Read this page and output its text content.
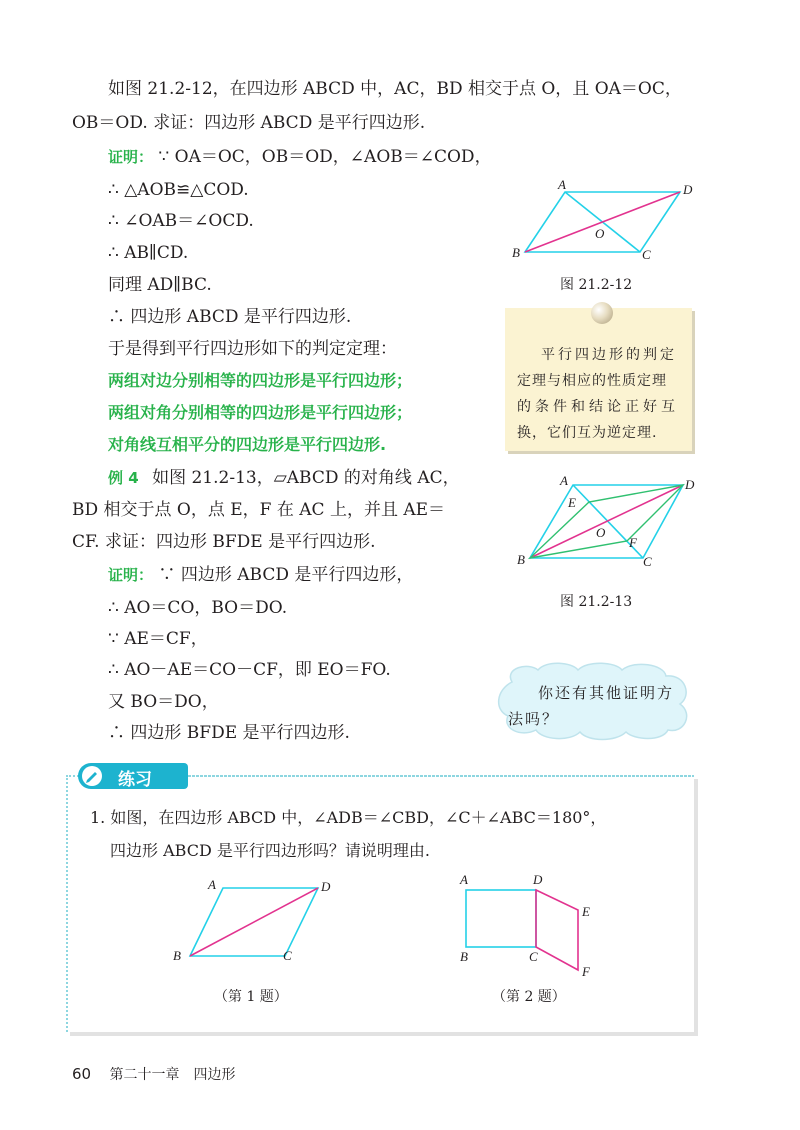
如图 21.2-12，在四边形 ABCD 中，AC，BD 相交于点 O，且 OA＝OC，
OB＝OD. 求证：四边形 ABCD 是平行四边形.
证明： ∵ OA＝OC，OB＝OD，∠AOB＝∠COD，
∴ △AOB≌△COD.
∴ ∠OAB＝∠OCD.
∴ AB∥CD.
同理 AD∥BC.
∴ 四边形 ABCD 是平行四边形.
于是得到平行四边形如下的判定定理：
两组对边分别相等的四边形是平行四边形；
两组对角分别相等的四边形是平行四边形；
对角线互相平分的四边形是平行四边形.
例 4 如图 21.2-13，▱ABCD 的对角线 AC，
BD 相交于点 O，点 E，F 在 AC 上，并且 AE＝
CF. 求证：四边形 BFDE 是平行四边形.
证明： ∵ 四边形 ABCD 是平行四边形，
∴ AO＝CO，BO＝DO.
∵ AE＝CF，
∴ AO－AE＝CO－CF，即 EO＝FO.
又 BO＝DO，
∴ 四边形 BFDE 是平行四边形.
A	D
B	C
O
图 21.2-12

平行四边形的判定

定理与相应的性质定理

的条件和结论正好互

换，它们互为逆定理.

A	D
E
O
F
B	C
图 21.2-13
你还有其他证明方
法吗？
练习
1. 如图，在四边形 ABCD 中，∠ADB＝∠CBD，∠C＋∠ABC＝180°，
四边形 ABCD 是平行四边形吗？请说明理由.
A	D
B	C
（第 1 题）
A	D
E
B	C
F
（第 2 题）
60 第二十一章　四边形
